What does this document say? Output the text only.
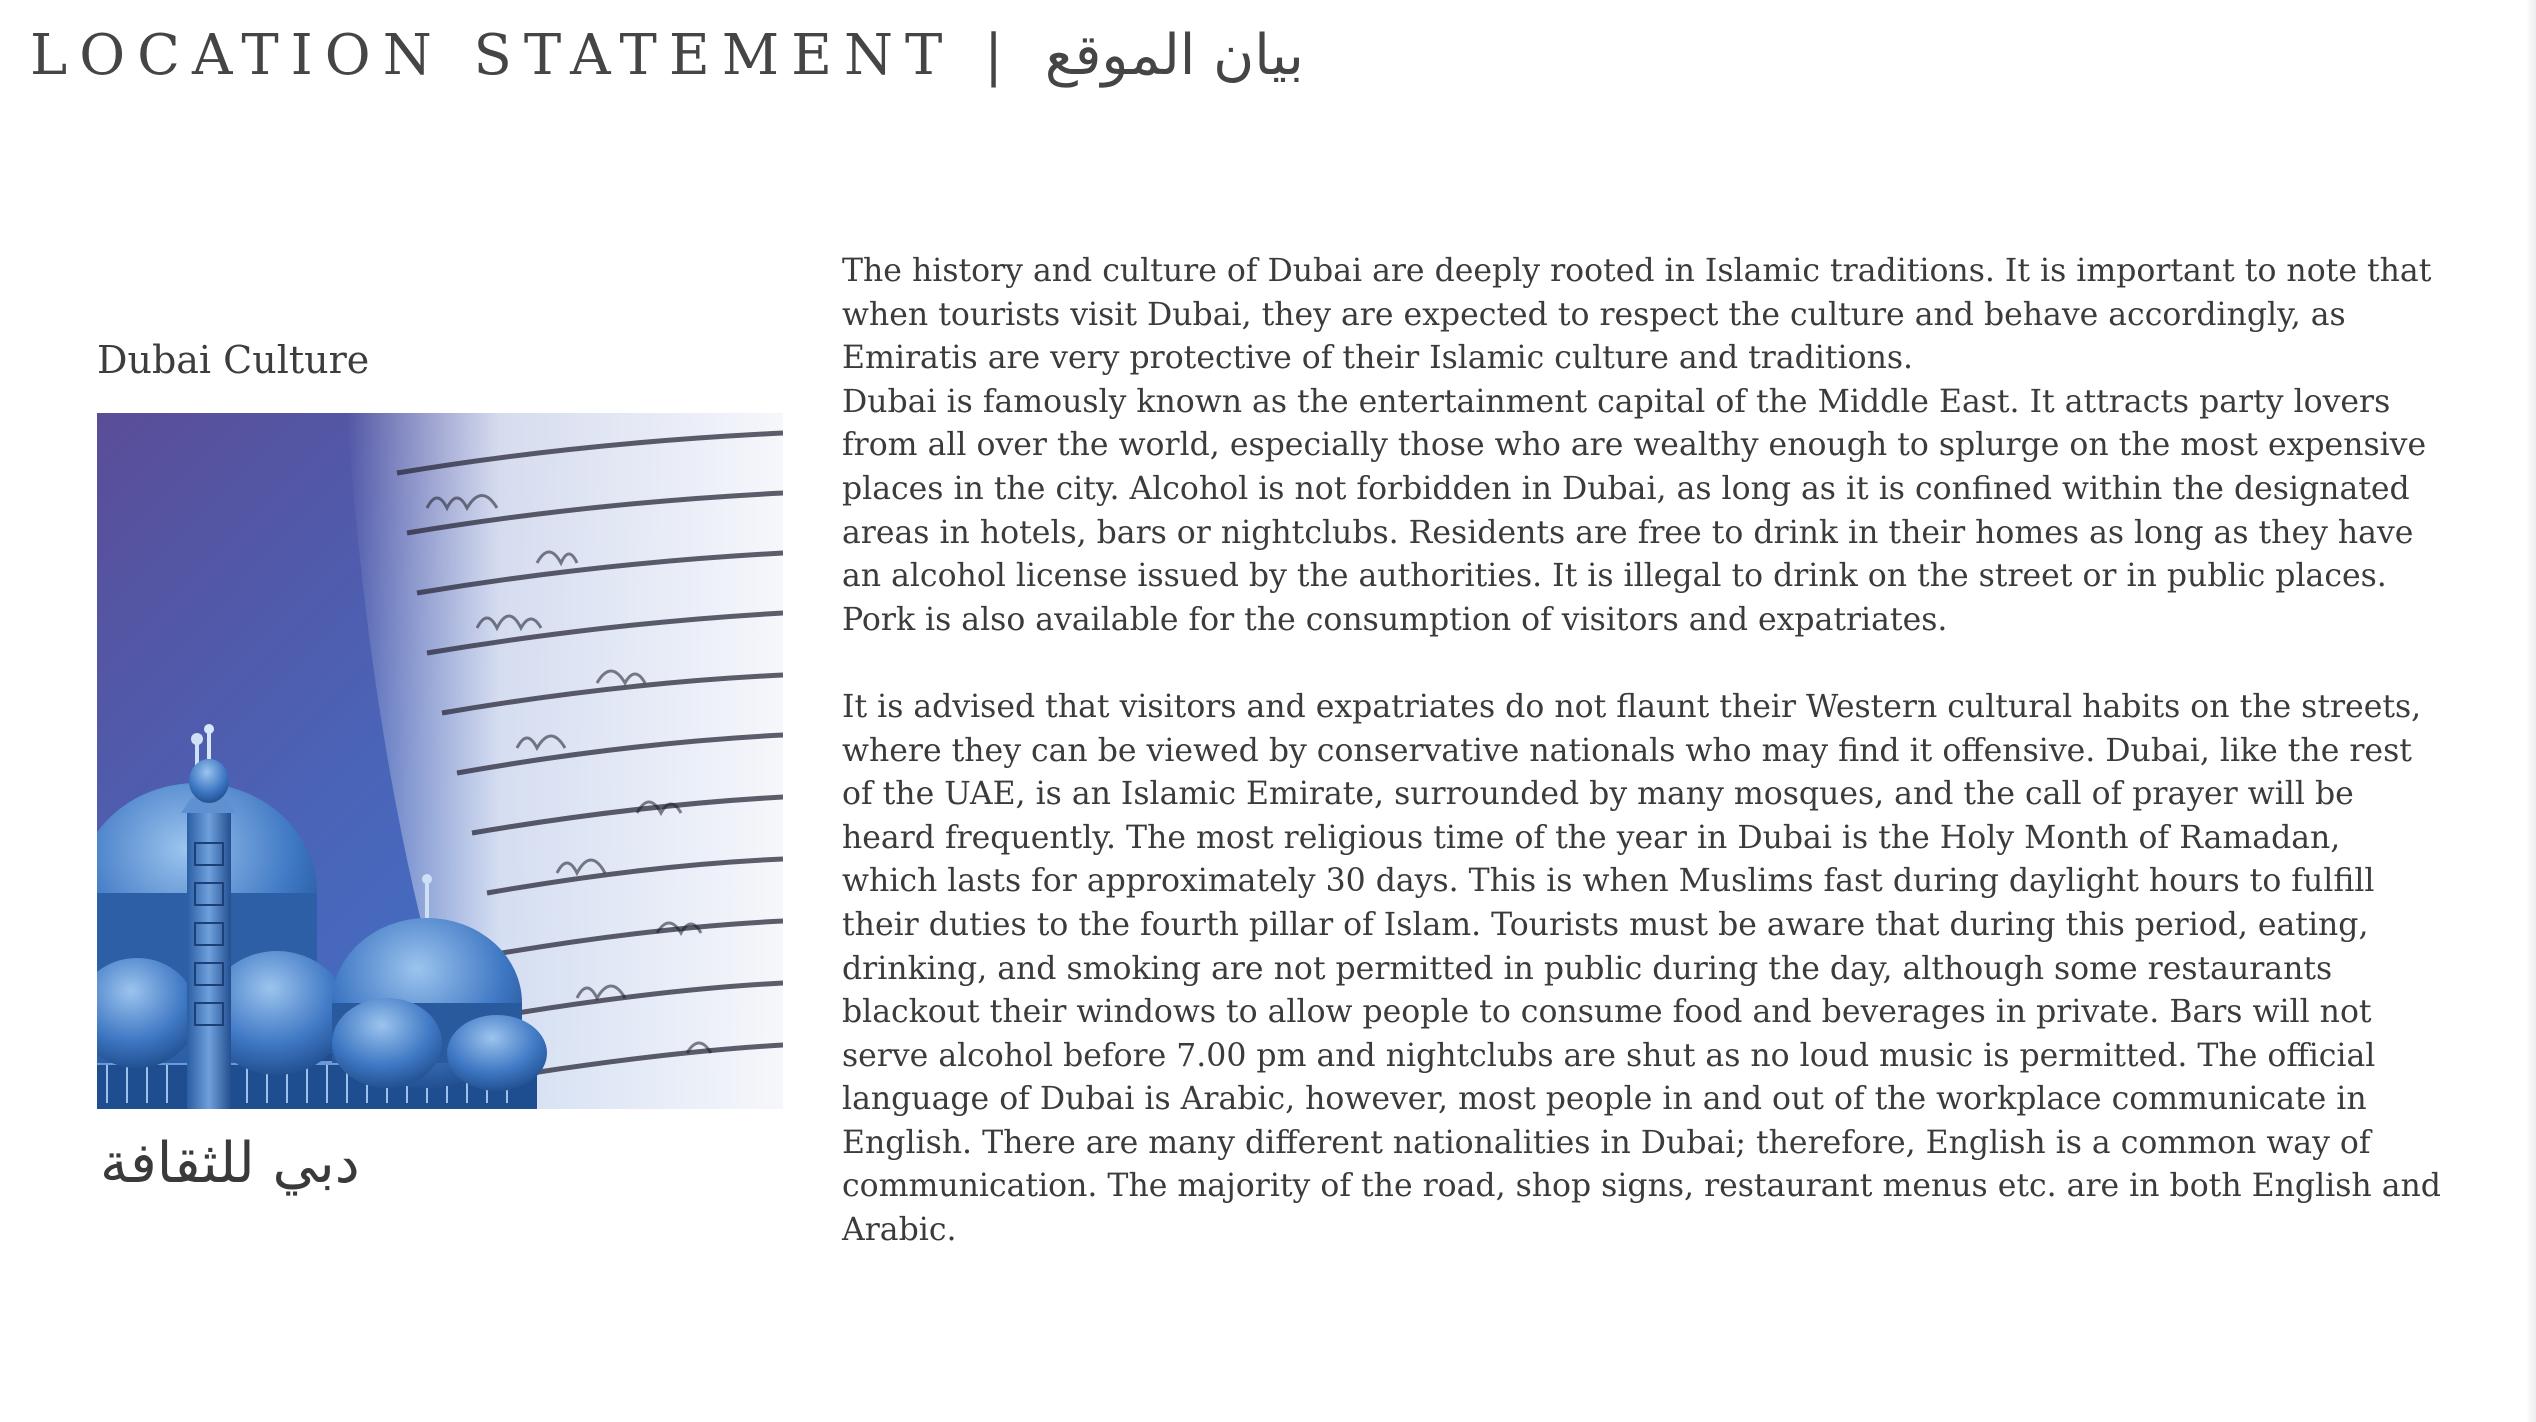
LOCATION STATEMENT | بيان الموقع
Dubai Culture
دبي للثقافة

The history and culture of Dubai are deeply rooted in Islamic traditions. It is important to note that when tourists visit Dubai, they are expected to respect the culture and behave accordingly, as Emiratis are very protective of their Islamic culture and traditions.

Dubai is famously known as the entertainment capital of the Middle East. It attracts party lovers from all over the world, especially those who are wealthy enough to splurge on the most expensive places in the city. Alcohol is not forbidden in Dubai, as long as it is confined within the designated areas in hotels, bars or nightclubs. Residents are free to drink in their homes as long as they have an alcohol license issued by the authorities. It is illegal to drink on the street or in public places. Pork is also available for the consumption of visitors and expatriates.

It is advised that visitors and expatriates do not flaunt their Western cultural habits on the streets, where they can be viewed by conservative nationals who may find it offensive. Dubai, like the rest of the UAE, is an Islamic Emirate, surrounded by many mosques, and the call of prayer will be heard frequently. The most religious time of the year in Dubai is the Holy Month of Ramadan, which lasts for approximately 30 days. This is when Muslims fast during daylight hours to fulfill their duties to the fourth pillar of Islam. Tourists must be aware that during this period, eating, drinking, and smoking are not permitted in public during the day, although some restaurants blackout their windows to allow people to consume food and beverages in private. Bars will not serve alcohol before 7.00 pm and nightclubs are shut as no loud music is permitted. The official language of Dubai is Arabic, however, most people in and out of the workplace communicate in English. There are many different nationalities in Dubai; therefore, English is a common way of communication. The majority of the road, shop signs, restaurant menus etc. are in both English and Arabic.
